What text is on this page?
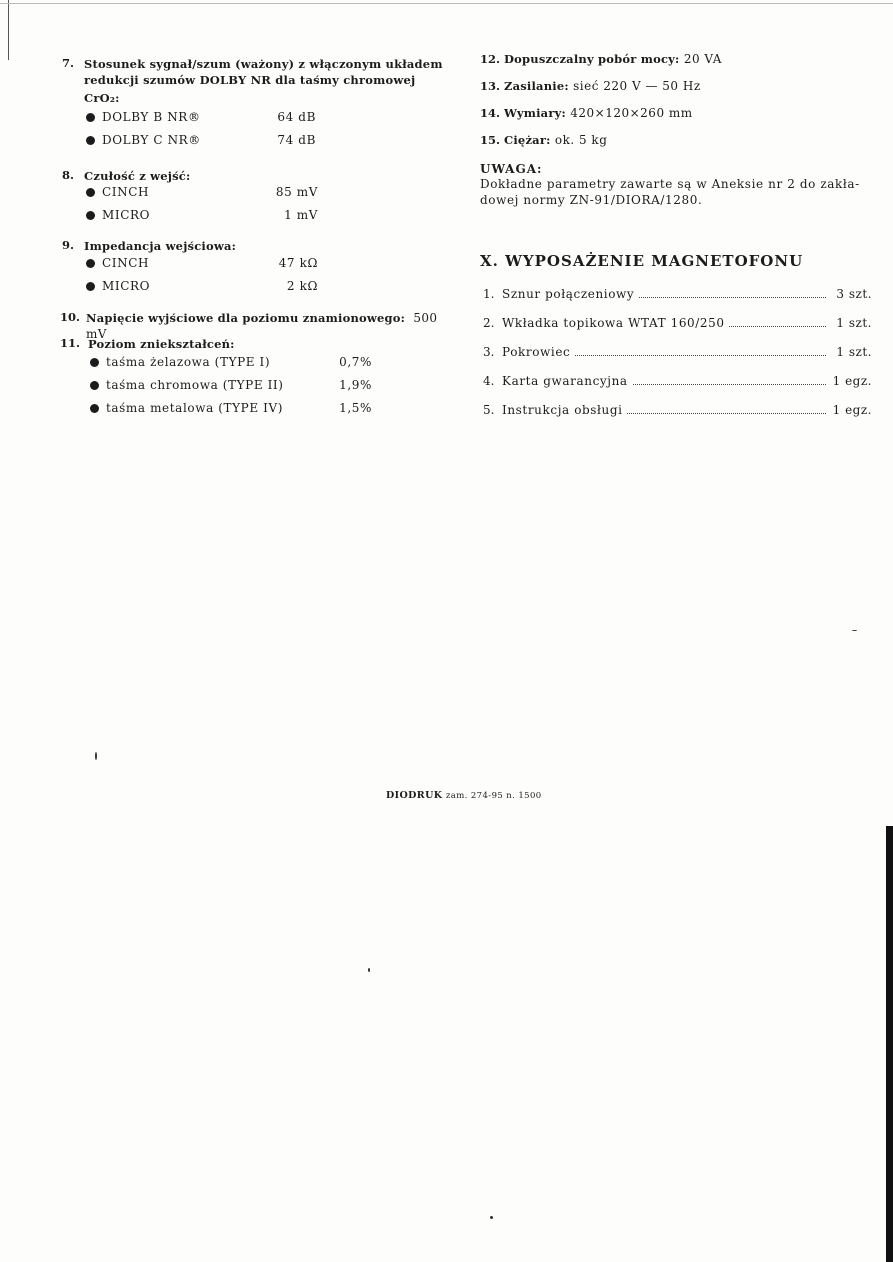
7. Stosunek sygnał/szum (ważony) z włączonym układem
redukcji szumów DOLBY NR dla taśmy chromowej
CrO₂:
DOLBY B NR®	64 dB
DOLBY C NR®	74 dB
8. Czułość z wejść:
CINCH	85 mV
MICRO	1 mV
9. Impedancja wejściowa:
CINCH	47 kΩ
MICRO	2 kΩ
10. Napięcie wyjściowe dla poziomu znamionowego: 500 mV
11. Poziom zniekształceń:
taśma żelazowa (TYPE I)	0,7%
taśma chromowa (TYPE II)	1,9%
taśma metalowa (TYPE IV)	1,5%
12. Dopuszczalny pobór mocy: 20 VA
13. Zasilanie: sieć 220 V — 50 Hz
14. Wymiary: 420×120×260 mm
15. Ciężar: ok. 5 kg
UWAGA:
Dokładne parametry zawarte są w Aneksie nr 2 do zakła-
dowej normy ZN-91/DIORA/1280.
X. WYPOSAŻENIE MAGNETOFONU
1. Sznur połączeniowy	3 szt.
2. Wkładka topikowa WTAT 160/250	1 szt.
3. Pokrowiec	1 szt.
4. Karta gwarancyjna	1 egz.
5. Instrukcja obsługi	1 egz.
DIODRUK zam. 274-95 n. 1500
